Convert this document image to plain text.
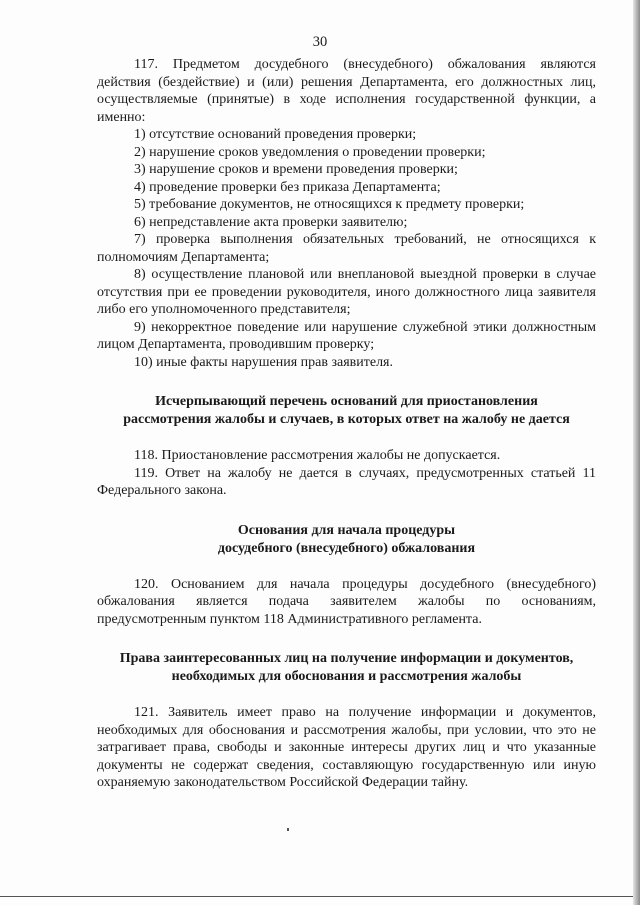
30

117. Предметом досудебного (внесудебного) обжалования являются действия (бездействие) и (или) решения Департамента, его должностных лиц, осуществляемые (принятые) в ходе исполнения государственной функции, а именно:

1) отсутствие оснований проведения проверки;

2) нарушение сроков уведомления о проведении проверки;

3) нарушение сроков и времени проведения проверки;

4) проведение проверки без приказа Департамента;

5) требование документов, не относящихся к предмету проверки;

6) непредставление акта проверки заявителю;

7) проверка выполнения обязательных требований, не относящихся к полномочиям Департамента;

8) осуществление плановой или внеплановой выездной проверки в случае отсутствия при ее проведении руководителя, иного должностного лица заявителя либо его уполномоченного представителя;

9) некорректное поведение или нарушение служебной этики должностным лицом Департамента, проводившим проверку;

10) иные факты нарушения прав заявителя.

Исчерпывающий перечень оснований для приостановления
рассмотрения жалобы и случаев, в которых ответ на жалобу не дается

118. Приостановление рассмотрения жалобы не допускается.

119. Ответ на жалобу не дается в случаях, предусмотренных статьей 11 Федерального закона.

Основания для начала процедуры
досудебного (внесудебного) обжалования

120. Основанием для начала процедуры досудебного (внесудебного) обжалования является подача заявителем жалобы по основаниям, предусмотренным пунктом 118 Административного регламента.

Права заинтересованных лиц на получение информации и документов,
необходимых для обоснования и рассмотрения жалобы

121. Заявитель имеет право на получение информации и документов, необходимых для обоснования и рассмотрения жалобы, при условии, что это не затрагивает права, свободы и законные интересы других лиц и что указанные документы не содержат сведения, составляющую государственную или иную охраняемую законодательством Российской Федерации тайну.
